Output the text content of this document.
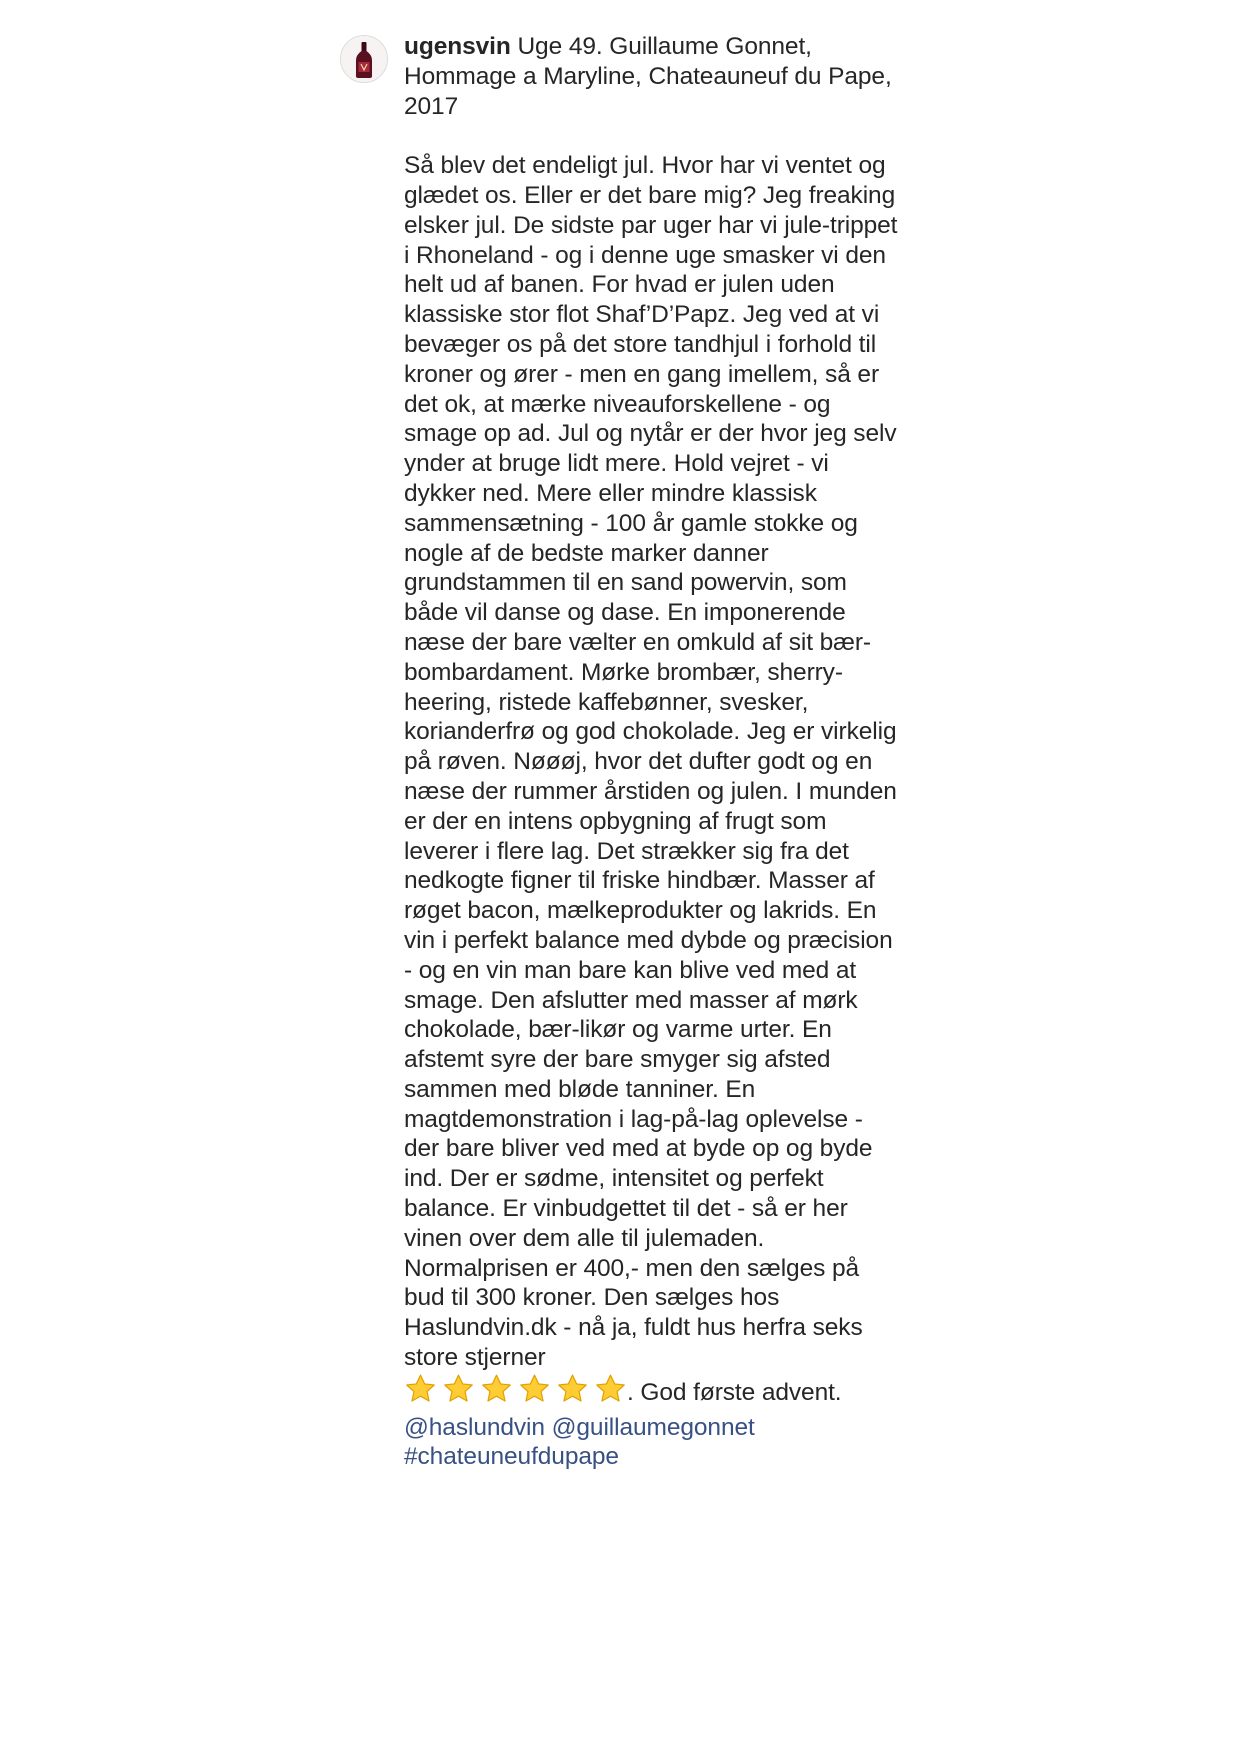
ugensvin Uge 49. Guillaume Gonnet, Hommage a Maryline, Chateauneuf du Pape, 2017
Så blev det endeligt jul. Hvor har vi ventet og glædet os. Eller er det bare mig? Jeg freaking elsker jul. De sidste par uger har vi jule-trippet i Rhoneland - og i denne uge smasker vi den helt ud af banen. For hvad er julen uden klassiske stor flot Shaf’D’Papz. Jeg ved at vi bevæger os på det store tandhjul i forhold til kroner og ører - men en gang imellem, så er det ok, at mærke niveauforskellene - og smage op ad. Jul og nytår er der hvor jeg selv ynder at bruge lidt mere. Hold vejret - vi dykker ned. Mere eller mindre klassisk sammensætning - 100 år gamle stokke og nogle af de bedste marker danner grundstammen til en sand powervin, som både vil danse og dase. En imponerende næse der bare vælter en omkuld af sit bær-bombardament. Mørke brombær, sherry-heering, ristede kaffebønner, svesker, korianderfrø og god chokolade. Jeg er virkelig på røven. Nøøøj, hvor det dufter godt og en næse der rummer årstiden og julen. I munden er der en intens opbygning af frugt som leverer i flere lag. Det strækker sig fra det nedkogte figner til friske hindbær. Masser af røget bacon, mælkeprodukter og lakrids. En vin i perfekt balance med dybde og præcision - og en vin man bare kan blive ved med at smage. Den afslutter med masser af mørk chokolade, bær-likør og varme urter. En afstemt syre der bare smyger sig afsted sammen med bløde tanniner. En magtdemonstration i lag-på-lag oplevelse - der bare bliver ved med at byde op og byde ind. Der er sødme, intensitet og perfekt balance. Er vinbudgettet til det - så er her vinen over dem alle til julemaden. Normalprisen er 400,- men den sælges på bud til 300 kroner. Den sælges hos Haslundvin.dk - nå ja, fuldt hus herfra seks store stjerner
. God første advent.

@haslundvin @guillaumegonnet
#chateuneufdupape
